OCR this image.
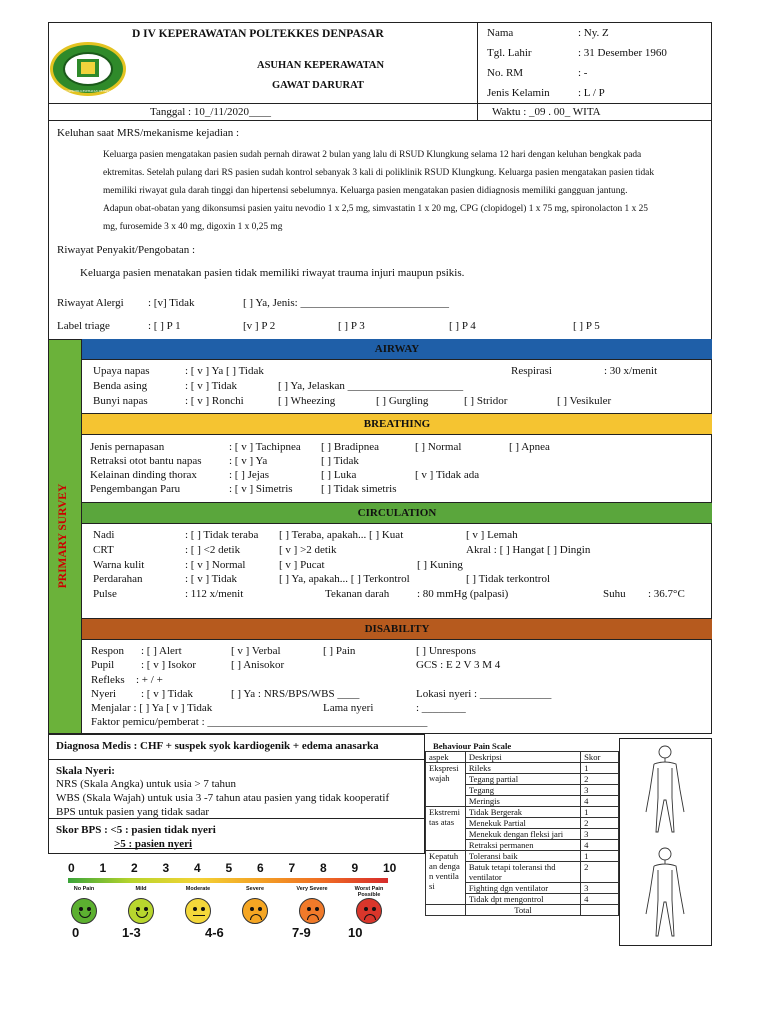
POLITEKNIK KESEHATAN DENPASAR
D IV KEPERAWATAN POLTEKKES DENPASAR
ASUHAN KEPERAWATAN
GAWAT DARURAT
Nama	: Ny. Z
Tgl. Lahir	: 31 Desember 1960
No. RM	: -
Jenis Kelamin	: L / P
Tanggal : 10_/11/2020____	Waktu : _09 . 00_ WITA
Keluhan saat MRS/mekanisme kejadian :
Keluarga pasien mengatakan pasien sudah pernah dirawat 2 bulan yang lalu di RSUD Klungkung selama 12 hari dengan keluhan bengkak pada
ektremitas. Setelah pulang dari RS pasien sudah kontrol sebanyak 3 kali di poliklinik RSUD Klungkung. Keluarga pasien mengatakan pasien tidak
memiliki riwayat gula darah tinggi dan hipertensi sebelumnya. Keluarga pasien mengatakan pasien didiagnosis memiliki gangguan jantung.
Adapun obat-obatan yang dikonsumsi pasien yaitu nevodio 1 x 2,5 mg, simvastatin 1 x 20 mg, CPG (clopidogel) 1 x 75 mg, spironolacton 1 x 25
mg, furosemide 3 x 40 mg, digoxin 1 x 0,25 mg
Riwayat Penyakit/Pengobatan :
Keluarga pasien menatakan pasien tidak memiliki riwayat trauma injuri maupun psikis.
Riwayat Alergi : [v] Tidak	[ ] Ya, Jenis: ___________________________
Label triage	: [ ] P 1	[v ] P 2	[ ] P 3	[ ] P 4	[ ] P 5
PRIMARY SURVEY
AIRWAY
Upaya napas	: [ v ] Ya [ ] Tidak	Respirasi	: 30 x/menit
Benda asing	: [ v ] Tidak	[ ] Ya, Jelaskan _____________________
Bunyi napas	: [ v ] Ronchi	[ ] Wheezing	[ ] Gurgling	[ ] Stridor	[ ] Vesikuler
BREATHING
Jenis pernapasan	: [ v ] Tachipnea [ ] Bradipnea	[ ] Normal	[ ] Apnea
Retraksi otot bantu napas : [ v ] Ya	[ ] Tidak
Kelainan dinding thorax	: [ ] Jejas	[ ] Luka	[ v ] Tidak ada
Pengembangan Paru	: [ v ] Simetris	[ ] Tidak simetris
CIRCULATION
Nadi	: [ ] Tidak teraba [ ] Teraba, apakah... [ ] Kuat	[ v ] Lemah
CRT	: [ ] <2 detik	[ v ] >2 detik	Akral : [ ] Hangat [ ] Dingin
Warna kulit	: [ v ] Normal	[ v ] Pucat	[ ] Kuning
Perdarahan	: [ v ] Tidak	[ ] Ya, apakah... [ ] Terkontrol	[ ] Tidak terkontrol
Pulse	: 112 x/menit	Tekanan darah	: 80 mmHg (palpasi)	Suhu : 36.7°C
DISABILITY
Respon : [ ] Alert	[ v ] Verbal	[ ] Pain	[ ] Unrespons
Pupil : [ v ] Isokor	[ ] Anisokor	GCS : E 2 V 3 M 4
Refleks : + / +
Nyeri : [ v ] Tidak	[ ] Ya : NRS/BPS/WBS ____	Lokasi nyeri : _____________
Menjalar : [ ] Ya [ v ] Tidak	Lama nyeri	: ________
Faktor pemicu/pemberat : ________________________________________
Diagnosa Medis : CHF + suspek syok kardiogenik + edema anasarka
Skala Nyeri:
NRS (Skala Angka) untuk usia > 7 tahun
WBS (Skala Wajah) untuk usia 3 -7 tahun atau pasien yang tidak kooperatif
BPS untuk pasien yang tidak sadar
Skor BPS : <5 : pasien tidak nyeri
>5 : pasien nyeri
0 1 2 3 4 5 6 7 8 9 10
No Pain	Mild	Moderate	Severe	Very Severe	Worst Pain Possible
0	1-3	4-6	7-9	10
Behaviour Pain Scale
aspek	Deskripsi	Skor
Ekspresi wajah	Rileks	1
	Tegang partial	2
	Tegang	3
	Meringis	4
Ekstremitas atas	Tidak Bergerak	1
	Menekuk Partial	2
	Menekuk dengan fleksi jari	3
	Retraksi permanen	4
Kepatuhan dengan ventilasi	Toleransi baik	1
	Batuk tetapi toleransi thd ventilator	2
	Fighting dgn ventilator	3
	Tidak dpt mengontrol	4
	Total	
